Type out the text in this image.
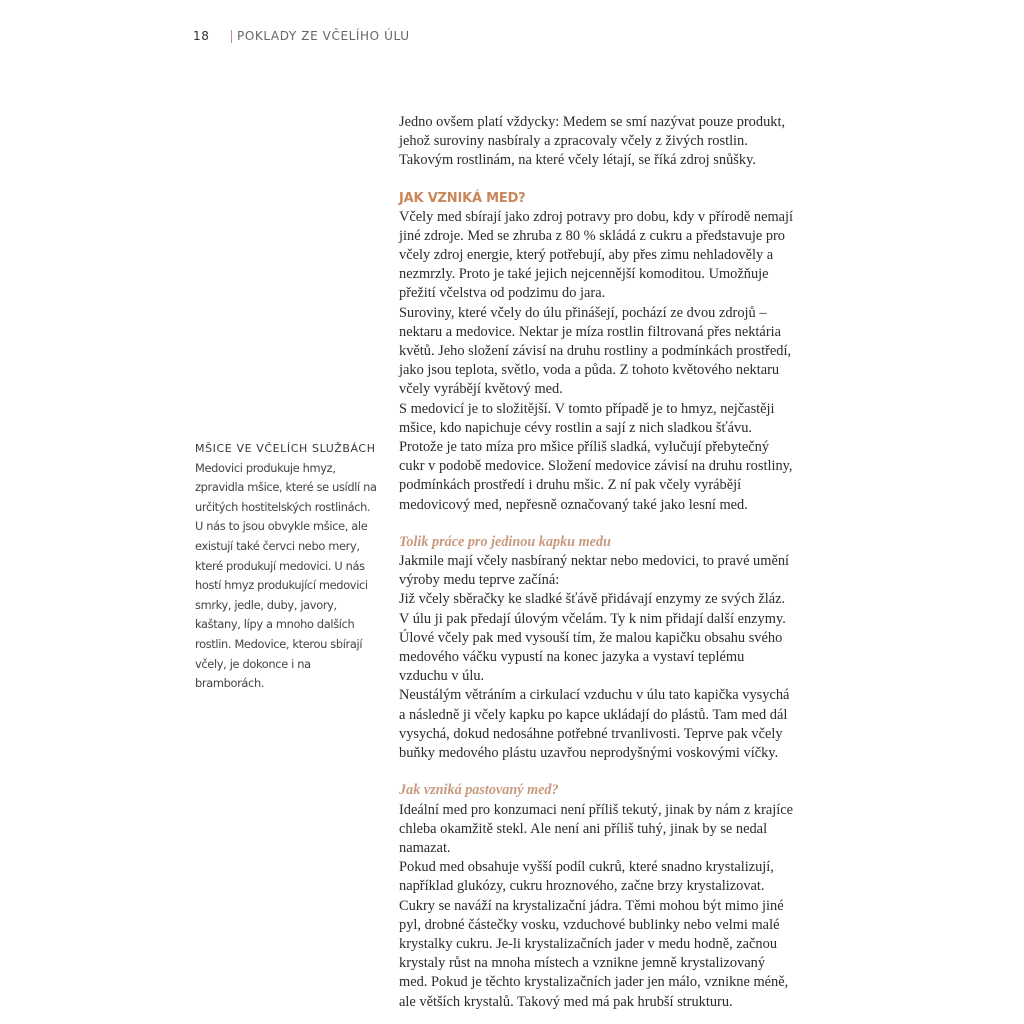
18	POKLADY ZE VČELÍHO ÚLU

Jedno ovšem platí vždycky: Medem se smí nazývat pouze produkt, jehož suroviny nasbíraly a zpracovaly včely z živých rostlin. Takovým rostlinám, na které včely létají, se říká zdroj snůšky.

JAK VZNIKÁ MED?

Včely med sbírají jako zdroj potravy pro dobu, kdy v přírodě nemají jiné zdroje. Med se zhruba z 80 % skládá z cukru a představuje pro včely zdroj energie, který potřebují, aby přes zimu nehladověly a nezmrzly. Proto je také jejich nejcennější komoditou. Umožňuje přežití včelstva od podzimu do jara.

Suroviny, které včely do úlu přinášejí, pochází ze dvou zdrojů – nektaru a medovice. Nektar je míza rostlin filtrovaná přes nektária květů. Jeho složení závisí na druhu rostliny a podmínkách prostředí, jako jsou teplota, světlo, voda a půda. Z tohoto květového nektaru včely vyrábějí květový med.

S medovicí je to složitější. V tomto případě je to hmyz, nejčastěji mšice, kdo napichuje cévy rostlin a sají z nich sladkou šťávu. Protože je tato míza pro mšice příliš sladká, vylučují přebytečný cukr v podobě medovice. Složení medovice závisí na druhu rostliny, podmínkách prostředí i druhu mšic. Z ní pak včely vyrábějí medovicový med, nepřesně označovaný také jako lesní med.

Tolik práce pro jedinou kapku medu

Jakmile mají včely nasbíraný nektar nebo medovici, to pravé umění výroby medu teprve začíná:

Již včely sběračky ke sladké šťávě přidávají enzymy ze svých žláz. V úlu ji pak předají úlovým včelám. Ty k nim přidají další enzymy. Úlové včely pak med vysouší tím, že malou kapičku obsahu svého medového váčku vypustí na konec jazyka a vystaví teplému vzduchu v úlu.

Neustálým větráním a cirkulací vzduchu v úlu tato kapička vysychá a následně ji včely kapku po kapce ukládají do plástů. Tam med dál vysychá, dokud nedosáhne potřebné trvanlivosti. Teprve pak včely buňky medového plástu uzavřou neprodyšnými voskovými víčky.

Jak vzniká pastovaný med?

Ideální med pro konzumaci není příliš tekutý, jinak by nám z krajíce chleba okamžitě stekl. Ale není ani příliš tuhý, jinak by se nedal namazat.

Pokud med obsahuje vyšší podíl cukrů, které snadno krystalizují, například glukózy, cukru hroznového, začne brzy krystalizovat. Cukry se naváží na krystalizační jádra. Těmi mohou být mimo jiné pyl, drobné částečky vosku, vzduchové bublinky nebo velmi malé krystalky cukru. Je-li krystalizačních jader v medu hodně, začnou krystaly růst na mnoha místech a vznikne jemně krystalizovaný med. Pokud je těchto krystalizačních jader jen málo, vznikne méně, ale větších krystalů. Takový med má pak hrubší strukturu.

MŠICE VE VČELÍCH SLUŽBÁCH

Medovici produkuje hmyz, zpravidla mšice, které se usídlí na určitých hostitelských rostlinách. U nás to jsou obvykle mšice, ale existují také červci nebo mery, které produkují medovici. U nás hostí hmyz produkující medovici smrky, jedle, duby, javory, kaštany, lípy a mnoho dalších rostlin. Medovice, kterou sbírají včely, je dokonce i na bramborách.
